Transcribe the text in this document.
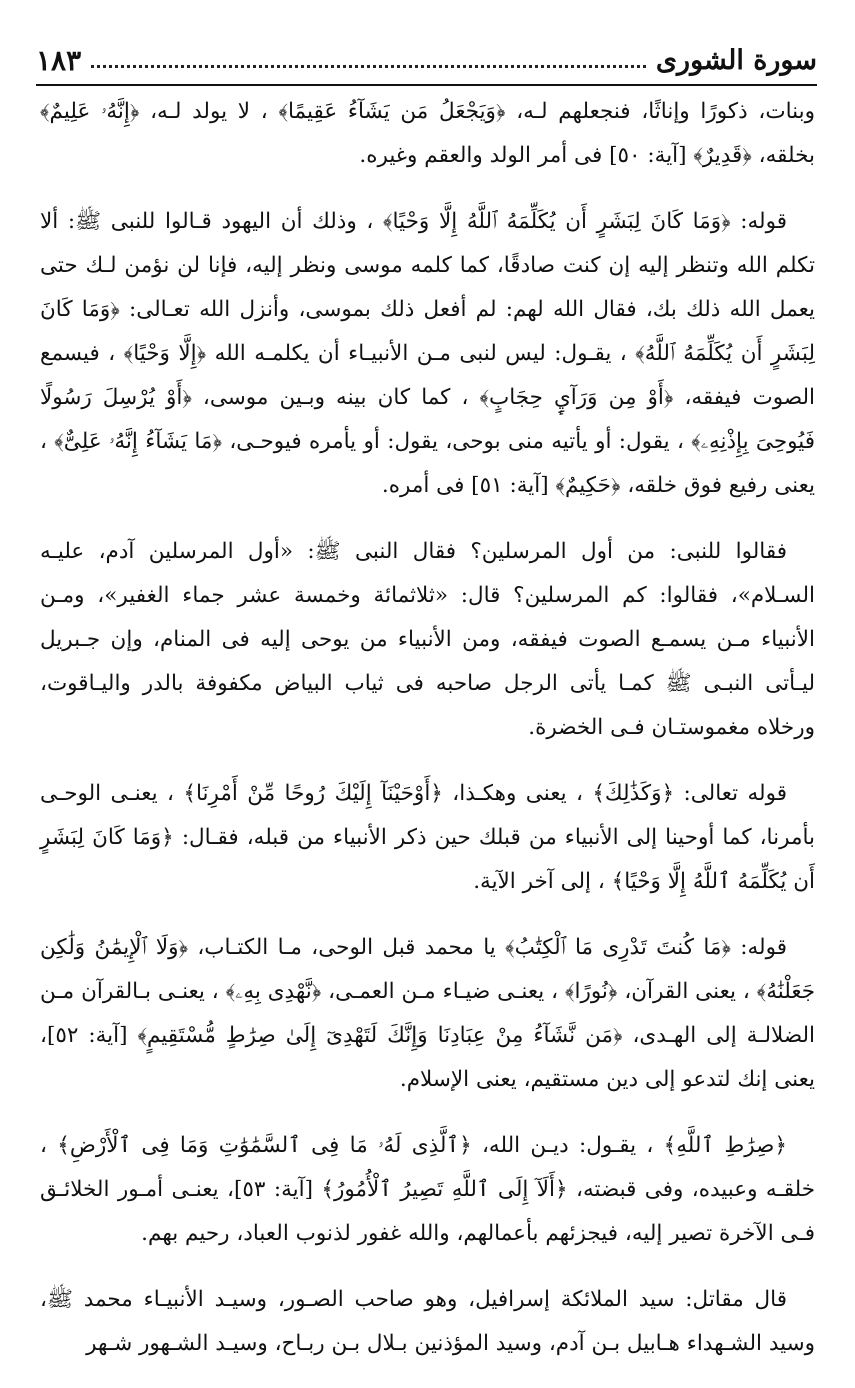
١٨٣	سورة الشورى

وبنات، ذكورًا وإناثًا، فنجعلهم لـه، ﴿وَيَجْعَلُ مَن يَشَآءُ عَقِيمًا﴾ ، لا يولد لـه، ﴿إِنَّهُۥ عَلِيمٌ﴾ بخلقه، ﴿قَدِيرٌ﴾ [آية: ٥٠] فى أمر الولد والعقم وغيره.

قوله: ﴿وَمَا كَانَ لِبَشَرٍ أَن يُكَلِّمَهُ ٱللَّهُ إِلَّا وَحْيًا﴾ ، وذلك أن اليهود قـالوا للنبى ﷺ: ألا تكلم الله وتنظر إليه إن كنت صادقًا، كما كلمه موسى ونظر إليه، فإنا لن نؤمن لـك حتى يعمل الله ذلك بك، فقال الله لهم: لم أفعل ذلك بموسى، وأنزل الله تعـالى: ﴿وَمَا كَانَ لِبَشَرٍ أَن يُكَلِّمَهُ ٱللَّهُ﴾ ، يقـول: ليس لنبى مـن الأنبيـاء أن يكلمـه الله ﴿إِلَّا وَحْيًا﴾ ، فيسمع الصوت فيفقه، ﴿أَوْ مِن وَرَآيِٕ حِجَابٍ﴾ ، كما كان بينه وبـين موسى، ﴿أَوْ يُرْسِلَ رَسُولًا فَيُوحِىَ بِإِذْنِهِۦ﴾ ، يقول: أو يأتيه منى بوحى، يقول: أو يأمره فيوحـى، ﴿مَا يَشَآءُ إِنَّهُۥ عَلِىٌّ﴾ ، يعنى رفيع فوق خلقه، ﴿حَكِيمٌ﴾ [آية: ٥١] فى أمره.

فقالوا للنبى: من أول المرسلين؟ فقال النبى ﷺ: «أول المرسلين آدم، عليـه السـلام»، فقالوا: كم المرسلين؟ قال: «ثلاثمائة وخمسة عشر جماء الغفير»، ومـن الأنبياء مـن يسمـع الصوت فيفقه، ومن الأنبياء من يوحى إليه فى المنام، وإن جـبريل ليـأتى النبـى ﷺ كمـا يأتى الرجل صاحبه فى ثياب البياض مكفوفة بالدر واليـاقوت، ورخلاه مغموستـان فـى الخضرة.

قوله تعالى: ﴿وَكَذَٰلِكَ﴾ ، يعنى وهكـذا، ﴿أَوْحَيْنَآ إِلَيْكَ رُوحًا مِّنْ أَمْرِنَا﴾ ، يعنـى الوحـى بأمرنا، كما أوحينا إلى الأنبياء من قبلك حين ذكر الأنبياء من قبله، فقـال: ﴿وَمَا كَانَ لِبَشَرٍ أَن يُكَلِّمَهُ ٱللَّهُ إِلَّا وَحْيًا﴾ ، إلى آخر الآية.

قوله: ﴿مَا كُنتَ تَدْرِى مَا ٱلْكِتَٰبُ﴾ يا محمد قبل الوحى، مـا الكتـاب، ﴿وَلَا ٱلْإِيمَٰنُ وَلَٰكِن جَعَلْنَٰهُ﴾ ، يعنى القرآن، ﴿نُورًا﴾ ، يعنـى ضيـاء مـن العمـى، ﴿نَّهْدِى بِهِۦ﴾ ، يعنـى بـالقرآن مـن الضلالـة إلى الهـدى، ﴿مَن نَّشَآءُ مِنْ عِبَادِنَا وَإِنَّكَ لَتَهْدِىٓ إِلَىٰ صِرَٰطٍ مُّسْتَقِيمٍ﴾ [آية: ٥٢]، يعنى إنك لتدعو إلى دين مستقيم، يعنى الإسلام.

﴿صِرَٰطِ ٱللَّهِ﴾ ، يقـول: ديـن الله، ﴿ٱلَّذِى لَهُۥ مَا فِى ٱلسَّمَٰوَٰتِ وَمَا فِى ٱلْأَرْضِ﴾ ، خلقـه وعبيده، وفى قبضته، ﴿أَلَآ إِلَى ٱللَّهِ تَصِيرُ ٱلْأُمُورُ﴾ [آية: ٥٣]، يعنـى أمـور الخلائـق فـى الآخرة تصير إليه، فيجزئهم بأعمالهم، والله غفور لذنوب العباد، رحيم بهم.

قال مقاتل: سيد الملائكة إسرافيل، وهو صاحب الصـور، وسيـد الأنبيـاء محمد ﷺ، وسيد الشـهداء هـابيل بـن آدم، وسيد المؤذنين بـلال بـن ربـاح، وسيـد الشـهور شـهر
